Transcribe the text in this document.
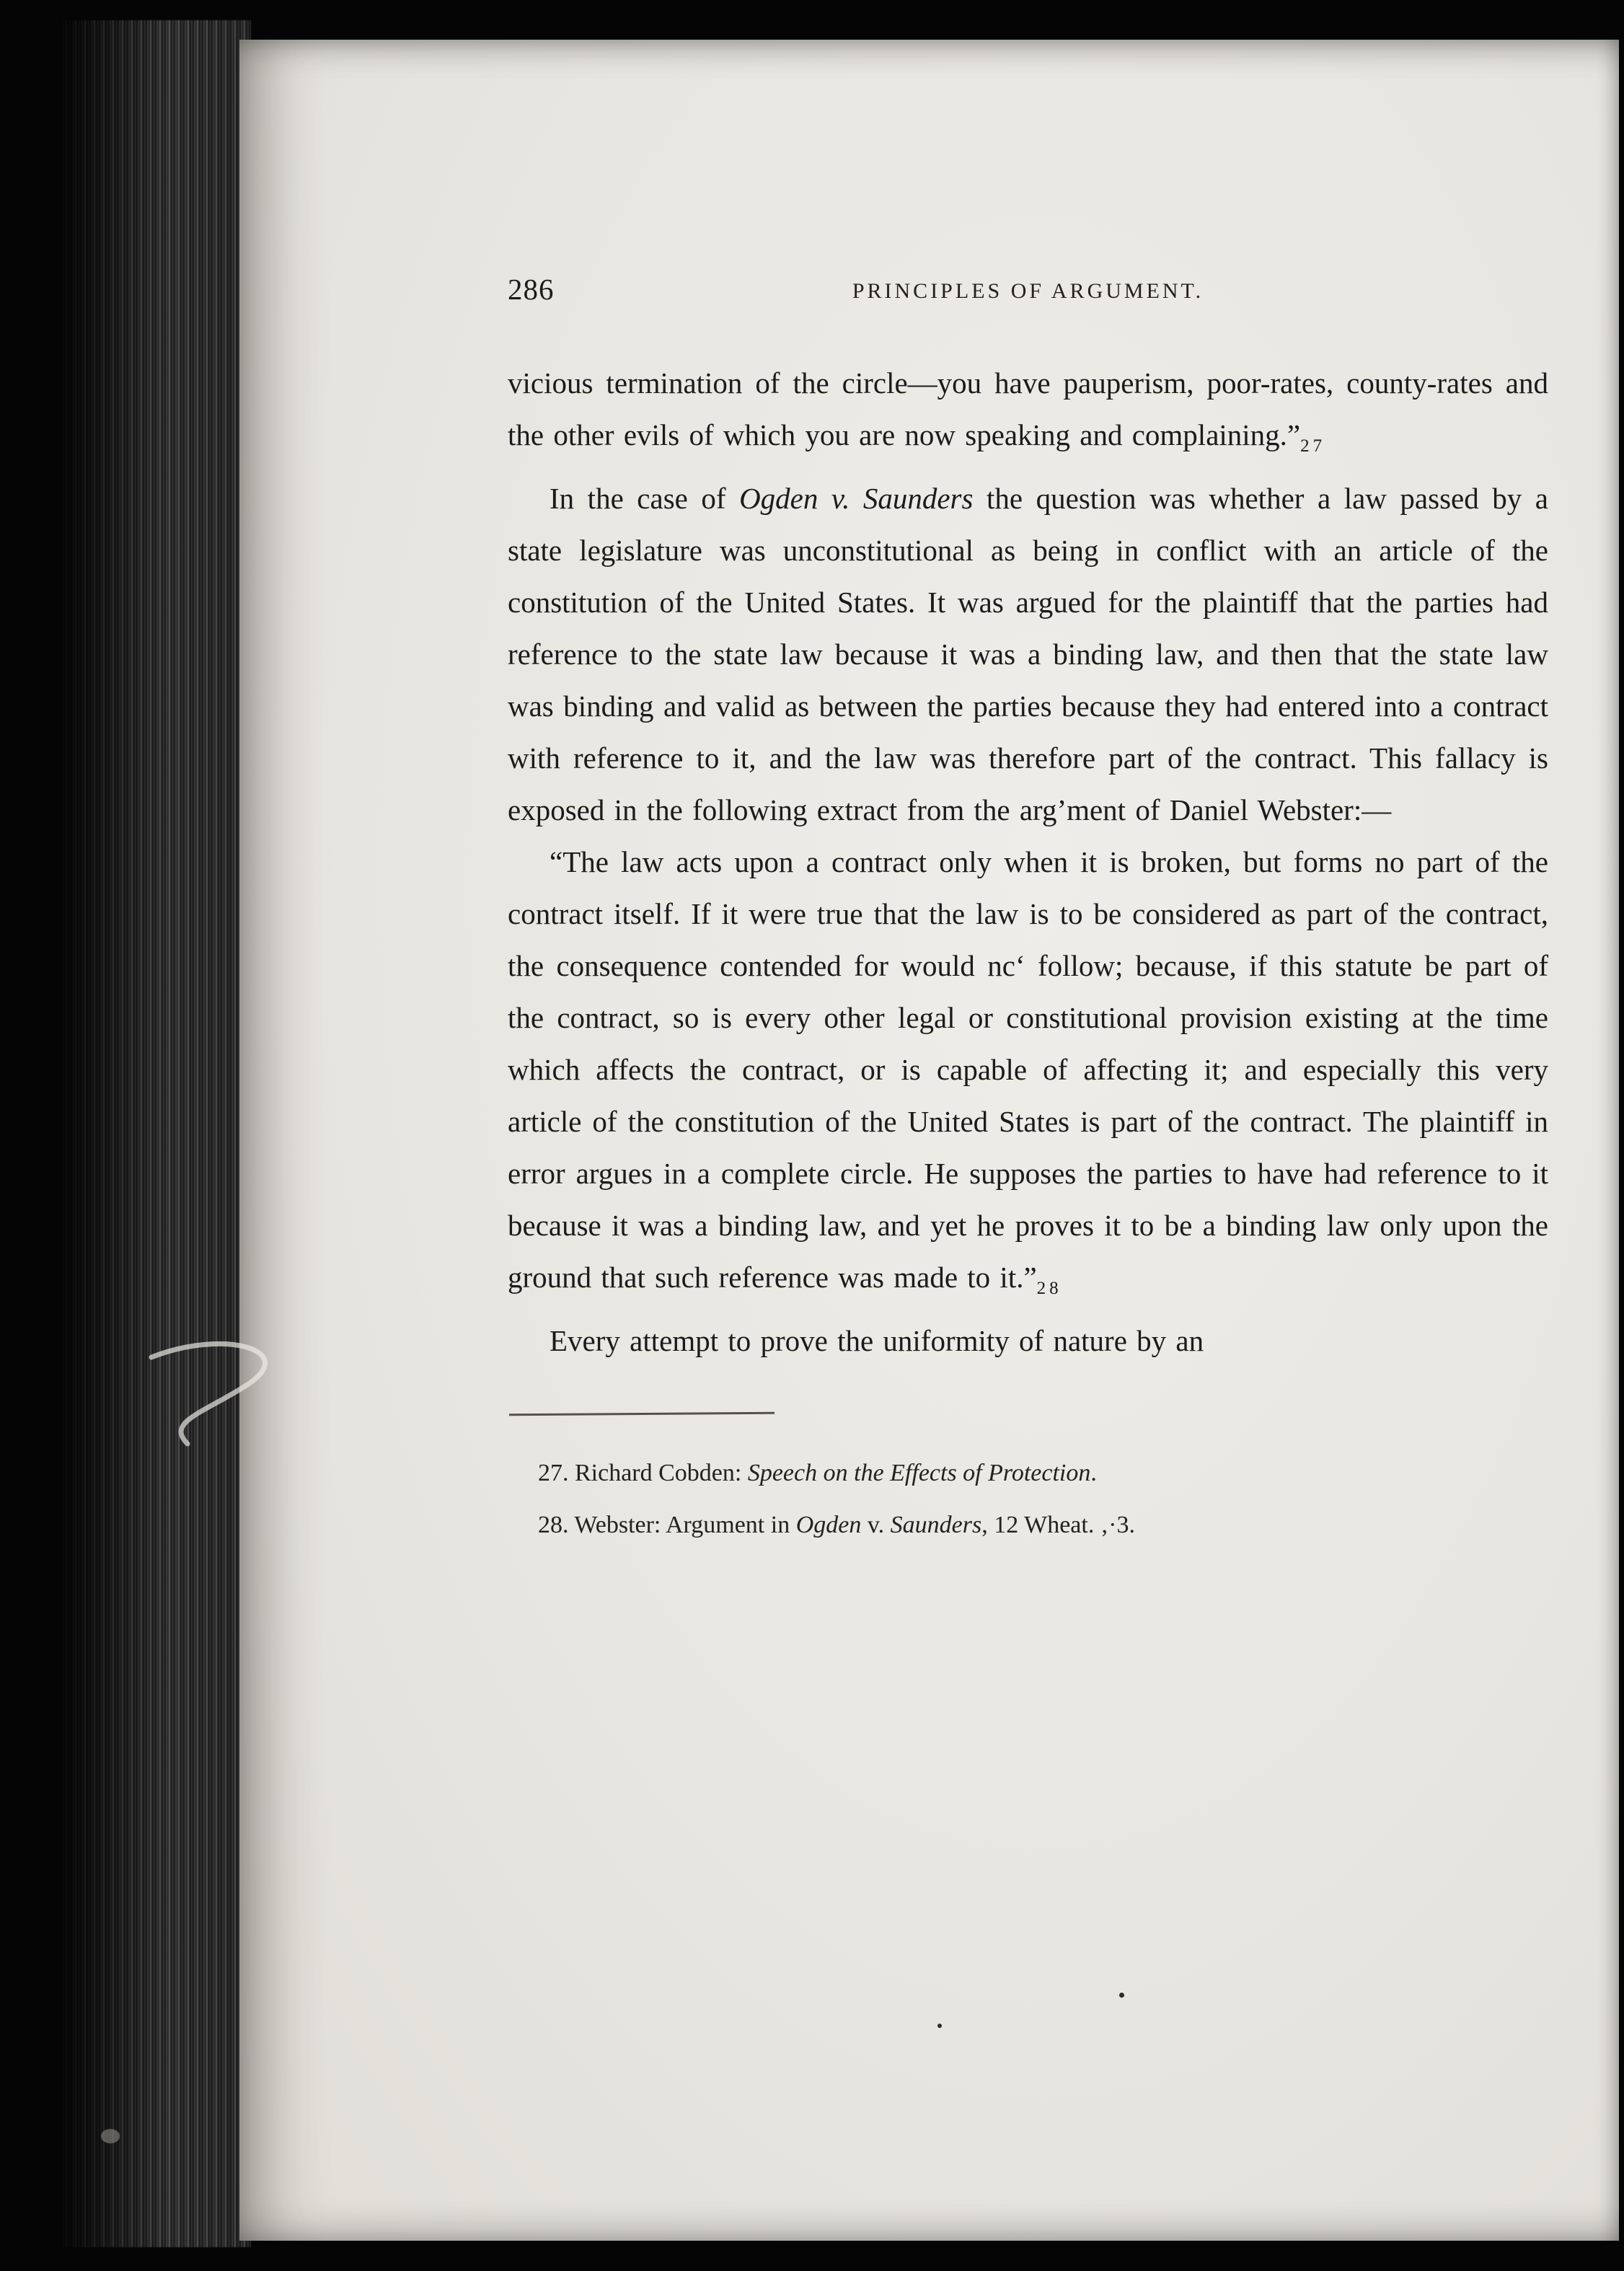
286	PRINCIPLES OF ARGUMENT.

vicious termination of the circle—you have pauperism, poor-rates, county-rates and the other evils of which you are now speaking and $complaining.”_{27}$

In the case of Ogden v. Saunders the question was whether a law passed by a state legislature was unconstitutional as being in conflict with an article of the constitution of the United States. It was argued for the plaintiff that the parties had reference to the state law because it was a binding law, and then that the state law was binding and valid as between the parties because they had entered into a contract with reference to it, and the law was therefore part of the contract. This fallacy is exposed in the following extract from the arg’ment of Daniel Webster:—

“The law acts upon a contract only when it is broken, but forms no part of the contract itself. If it were true that the law is to be considered as part of the contract, the consequence contended for would nc‘ follow; because, if this statute be part of the contract, so is every other legal or constitutional provision existing at the time which affects the contract, or is capable of affecting it; and especially this very article of the constitution of the United States is part of the contract. The plaintiff in error argues in a complete circle. He supposes the parties to have had reference to it because it was a binding law, and yet he proves it to be a binding law only upon the ground that such reference was made to $it.”_{28}$

Every attempt to prove the uniformity of nature by an

27. Richard Cobden: Speech on the Effects of Protection.

28. Webster: Argument in Ogden v. Saunders, 12 Wheat. ‚·3.
